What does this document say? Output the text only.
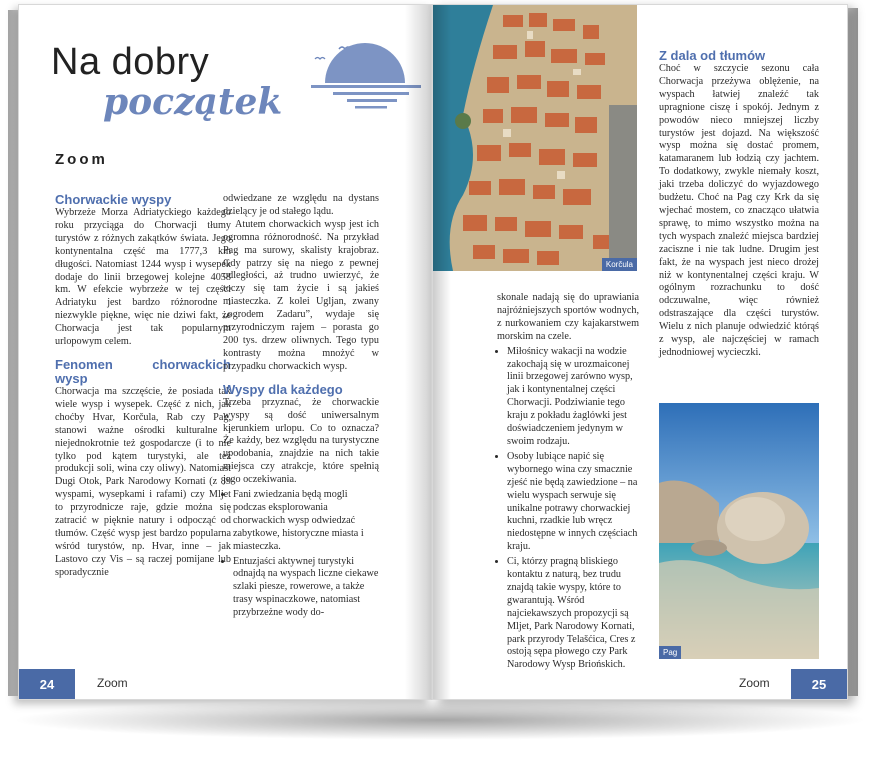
Na dobry
początek
Zoom
Chorwackie wyspy

Wybrzeże Morza Adriatyckiego każdego roku przyciąga do Chorwacji tłumy turystów z różnych zakątków świata. Jego kontynentalna część ma 1777,3 km długości. Natomiast 1244 wysp i wysepek dodaje do linii brzegowej kolejne 4058 km. W efekcie wybrzeże w tej części Adriatyku jest bardzo różnorodne i niezwykle piękne, więc nie dziwi fakt, że Chorwacja jest tak popularnym urlopowym celem.

Fenomen chorwackich wysp

Chorwacja ma szczęście, że posiada tak wiele wysp i wysepek. Część z nich, jak choćby Hvar, Korčula, Rab czy Pag, stanowi ważne ośrodki kulturalne i niejednokrotnie też gospodarcze (i to nie tylko pod kątem turystyki, ale też produkcji soli, wina czy oliwy). Natomiast Dugi Otok, Park Narodowy Kornati (z 89 wyspami, wysepkami i rafami) czy Mljet to przyrodnicze raje, gdzie można się zatracić w pięknie natury i odpocząć od tłumów. Część wysp jest bardzo popularna wśród turystów, np. Hvar, inne – jak Lastovo czy Vis – są raczej pomijane lub sporadycznie

odwiedzane ze względu na dystans dzielący je od stałego lądu.

Atutem chorwackich wysp jest ich ogromna różnorodność. Na przykład Pag ma surowy, skalisty krajobraz. Gdy patrzy się na niego z pewnej odległości, aż trudno uwierzyć, że toczy się tam życie i są jakieś miasteczka. Z kolei Ugljan, zwany „ogrodem Zadaru”, wydaje się przyrodniczym rajem – porasta go 200 tys. drzew oliwnych. Tego typu kontrasty można mnożyć w przypadku chorwackich wysp.

Wyspy dla każdego

Trzeba przyznać, że chorwackie wyspy są dość uniwersalnym kierunkiem urlopu. Co to oznacza? Że każdy, bez względu na turystyczne upodobania, znajdzie na nich takie miejsca czy atrakcje, które spełnią jego oczekiwania.

• Fani zwiedzania będą mogli podczas eksplorowania chorwackich wysp odwiedzać zabytkowe, historyczne miasta i miasteczka.
• Entuzjaści aktywnej turystyki odnajdą na wyspach liczne ciekawe szlaki piesze, rowerowe, a także trasy wspinaczkowe, natomiast przybrzeżne wody do-
24	Zoom
Korčula

skonale nadają się do uprawiania najróżniejszych sportów wodnych, z nurkowaniem czy kajakarstwem morskim na czele.

• Miłośnicy wakacji na wodzie zakochają się w urozmaiconej linii brzegowej zarówno wysp, jak i kontynentalnej części Chorwacji. Podziwianie tego kraju z pokładu żaglówki jest doświadczeniem jedynym w swoim rodzaju.
• Osoby lubiące napić się wybornego wina czy smacznie zjeść nie będą zawiedzione – na wielu wyspach serwuje się unikalne potrawy chorwackiej kuchni, rzadkie lub wręcz niedostępne w innych częściach kraju.
• Ci, którzy pragną bliskiego kontaktu z naturą, bez trudu znajdą takie wyspy, które to gwarantują. Wśród najciekawszych propozycji są Mljet, Park Narodowy Kornati, park przyrody Telašćica, Cres z ostoją sępa płowego czy Park Narodowy Wysp Briońskich.
Z dala od tłumów

Choć w szczycie sezonu cała Chorwacja przeżywa oblężenie, na wyspach łatwiej znaleźć tak upragnione ciszę i spokój. Jednym z powodów nieco mniejszej liczby turystów jest dojazd. Na większość wysp można się dostać promem, katamaranem lub łodzią czy jachtem. To dodatkowy, zwykle niemały koszt, jaki trzeba doliczyć do wyjazdowego budżetu. Choć na Pag czy Krk da się wjechać mostem, co znacząco ułatwia sprawę, to mimo wszystko można na tych wyspach znaleźć miejsca bardziej zaciszne i nie tak ludne. Drugim jest fakt, że na wyspach jest nieco drożej niż w kontynentalnej części kraju. W ogólnym rozrachunku to dość odczuwalne, więc również odstraszające dla części turystów. Wielu z nich planuje odwiedzić którąś z wysp, ale najczęściej w ramach jednodniowej wycieczki.

Pag
Zoom	25
